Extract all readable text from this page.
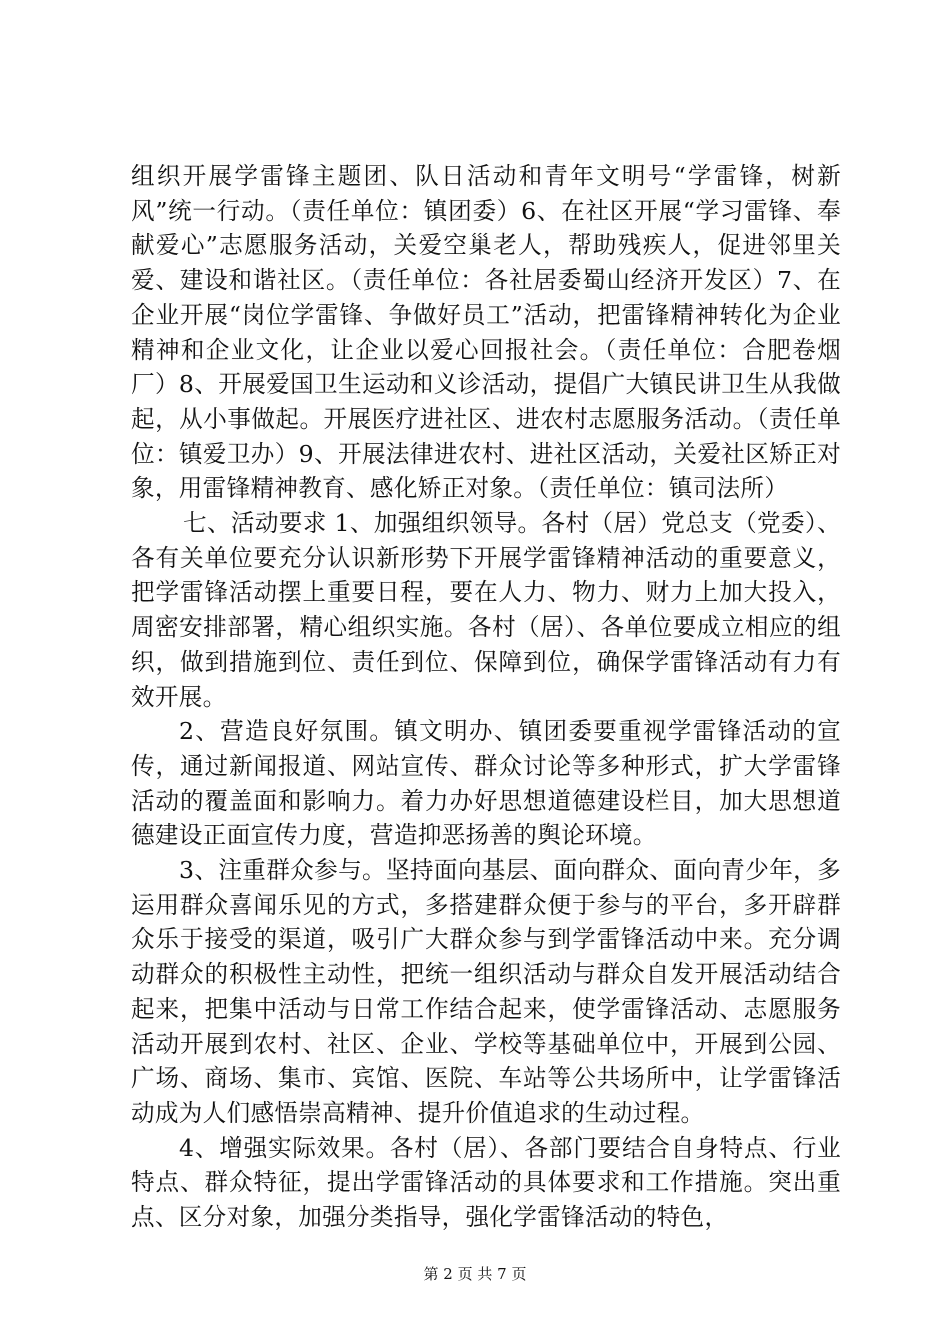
组织开展学雷锋主题团、队日活动和青年文明号“学雷锋，树新风”统一行动。（责任单位：镇团委）6、在社区开展“学习雷锋、奉献爱心”志愿服务活动，关爱空巢老人，帮助残疾人，促进邻里关爱、建设和谐社区。（责任单位：各社居委蜀山经济开发区）7、在企业开展“岗位学雷锋、争做好员工”活动，把雷锋精神转化为企业精神和企业文化，让企业以爱心回报社会。（责任单位：合肥卷烟厂）8、开展爱国卫生运动和义诊活动，提倡广大镇民讲卫生从我做起，从小事做起。开展医疗进社区、进农村志愿服务活动。（责任单位：镇爱卫办）9、开展法律进农村、进社区活动，关爱社区矫正对象，用雷锋精神教育、感化矫正对象。（责任单位：镇司法所）

七、活动要求 1、加强组织领导。各村（居）党总支（党委）、各有关单位要充分认识新形势下开展学雷锋精神活动的重要意义，把学雷锋活动摆上重要日程，要在人力、物力、财力上加大投入，周密安排部署，精心组织实施。各村（居）、各单位要成立相应的组织，做到措施到位、责任到位、保障到位，确保学雷锋活动有力有效开展。

2、营造良好氛围。镇文明办、镇团委要重视学雷锋活动的宣传，通过新闻报道、网站宣传、群众讨论等多种形式，扩大学雷锋活动的覆盖面和影响力。着力办好思想道德建设栏目，加大思想道德建设正面宣传力度，营造抑恶扬善的舆论环境。

3、注重群众参与。坚持面向基层、面向群众、面向青少年，多运用群众喜闻乐见的方式，多搭建群众便于参与的平台，多开辟群众乐于接受的渠道，吸引广大群众参与到学雷锋活动中来。充分调动群众的积极性主动性，把统一组织活动与群众自发开展活动结合起来，把集中活动与日常工作结合起来，使学雷锋活动、志愿服务活动开展到农村、社区、企业、学校等基础单位中，开展到公园、广场、商场、集市、宾馆、医院、车站等公共场所中，让学雷锋活动成为人们感悟崇高精神、提升价值追求的生动过程。

4、增强实际效果。各村（居）、各部门要结合自身特点、行业特点、群众特征，提出学雷锋活动的具体要求和工作措施。突出重点、区分对象，加强分类指导，强化学雷锋活动的特色，

第 2 页 共 7 页
